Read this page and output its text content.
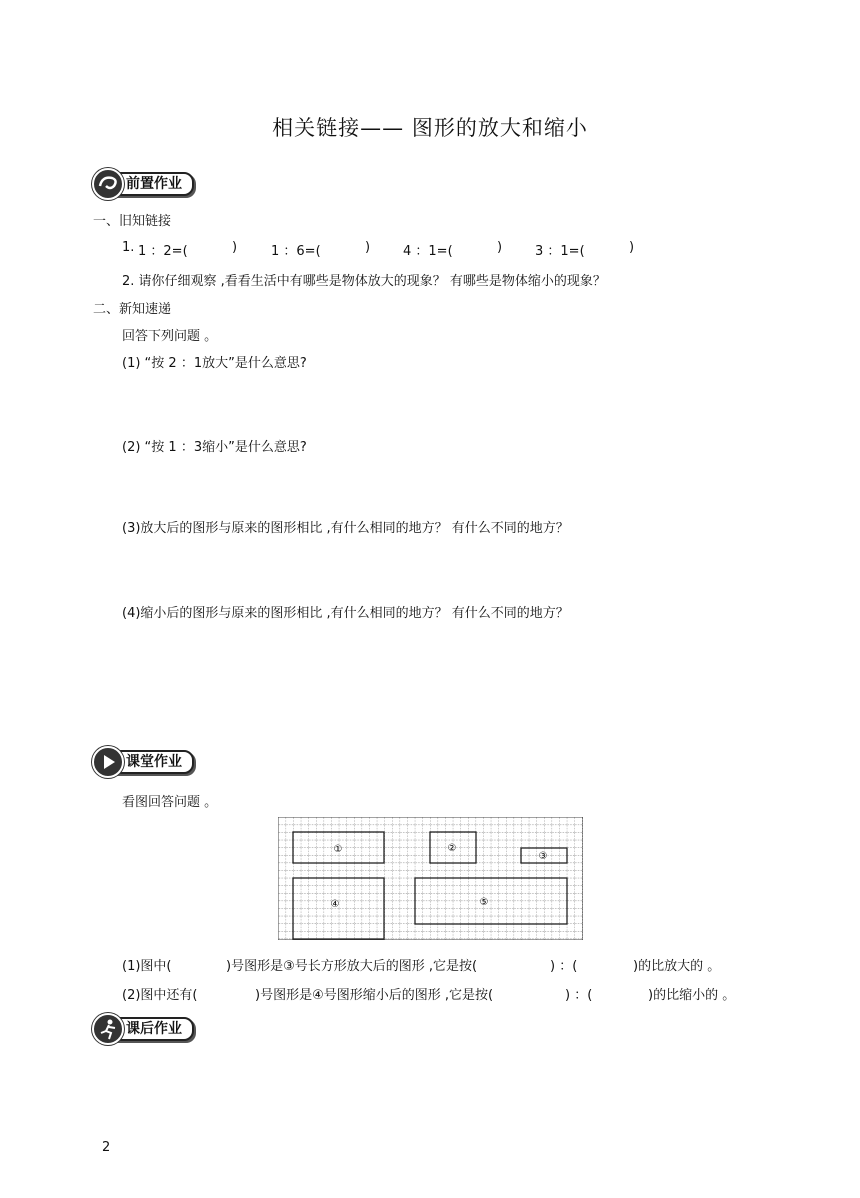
相关链接—— 图形的放大和缩小
前置作业
一、旧知链接
1. 1 ：2=(	)	1 ：6=(	)	4 ：1=(	)	3 ：1=(	)
2. 请你仔细观察 ,看看生活中有哪些是物体放大的现象？ 有哪些是物体缩小的现象？
二、新知速递
回答下列问题 。
(1) “按 2 ：1放大”是什么意思?
(2) “按 1 ：3缩小”是什么意思?
(3)放大后的图形与原来的图形相比 ,有什么相同的地方？ 有什么不同的地方？
(4)缩小后的图形与原来的图形相比 ,有什么相同的地方？ 有什么不同的地方？
课堂作业
看图回答问题 。
①	②
③
④	⑤
(1)图中(	)号图形是③号长方形放大后的图形 ,它是按(	) ：(	)的比放大的 。
(2)图中还有(	)号图形是④号图形缩小后的图形 ,它是按(	) ：(	)的比缩小的 。
课后作业
2
